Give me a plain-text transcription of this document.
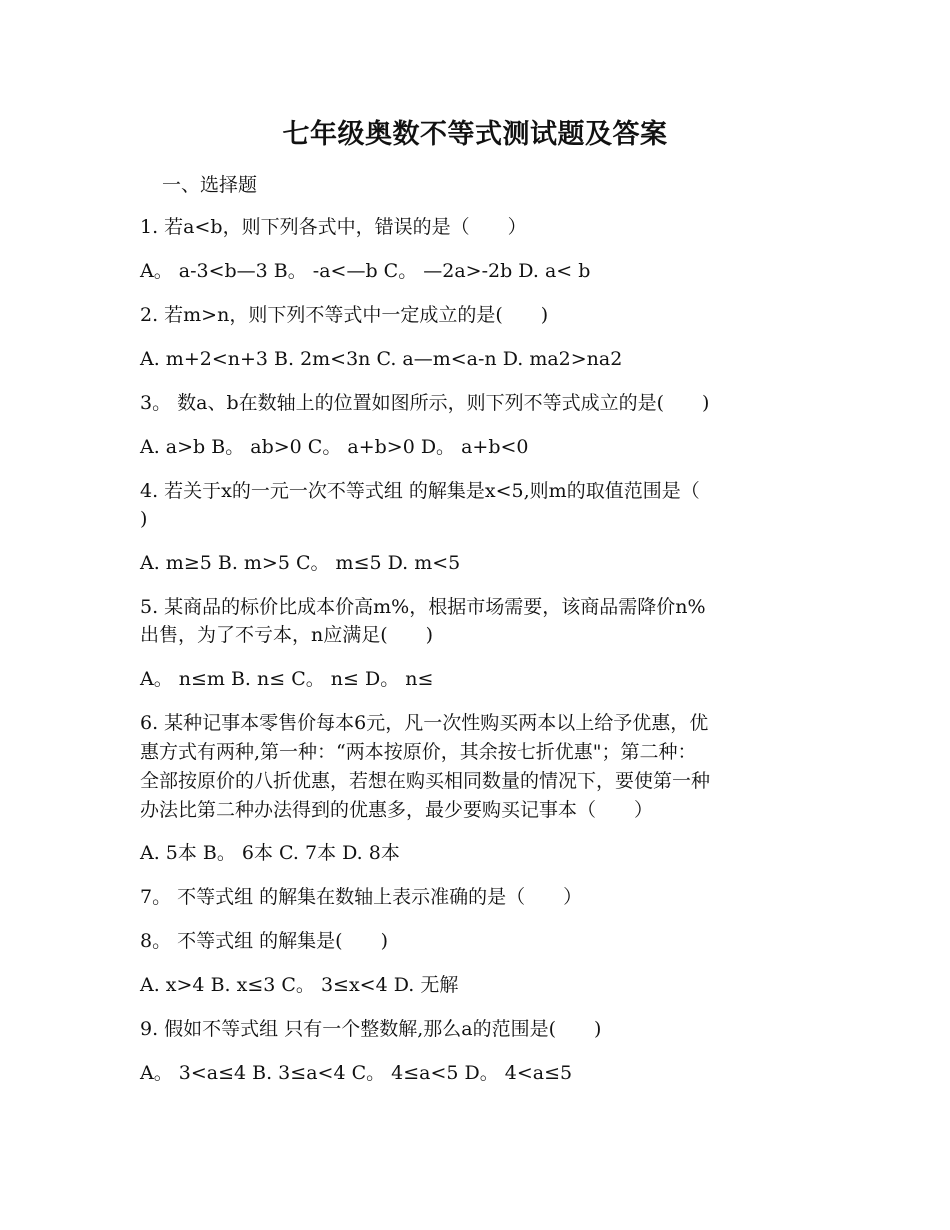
七年级奥数不等式测试题及答案
一、选择题
1. 若a<b，则下列各式中，错误的是（　　）
A。 a-3<b—3 B。 -a<—b C。 —2a>-2b D. a< b
2. 若m>n，则下列不等式中一定成立的是(　　)
A. m+2<n+3 B. 2m<3n C. a—m<a-n D. ma2>na2
3。 数a、b在数轴上的位置如图所示，则下列不等式成立的是(　　)
A. a>b B。 ab>0 C。 a+b>0 D。 a+b<0
4. 若关于x的一元一次不等式组 的解集是x<5,则m的取值范围是（
)
A. m≥5 B. m>5 C。 m≤5 D. m<5
5. 某商品的标价比成本价高m%，根据市场需要，该商品需降价n%
出售，为了不亏本，n应满足(　　)
A。 n≤m B. n≤ C。 n≤ D。 n≤
6. 某种记事本零售价每本6元，凡一次性购买两本以上给予优惠，优
惠方式有两种,第一种：“两本按原价，其余按七折优惠"；第二种：
全部按原价的八折优惠，若想在购买相同数量的情况下，要使第一种
办法比第二种办法得到的优惠多，最少要购买记事本（　　）
A. 5本 B。 6本 C. 7本 D. 8本
7。 不等式组 的解集在数轴上表示准确的是（　　）
8。 不等式组 的解集是(　　)
A. x>4 B. x≤3 C。 3≤x<4 D. 无解
9. 假如不等式组 只有一个整数解,那么a的范围是(　　)
A。 3<a≤4 B. 3≤a<4 C。 4≤a<5 D。 4<a≤5
